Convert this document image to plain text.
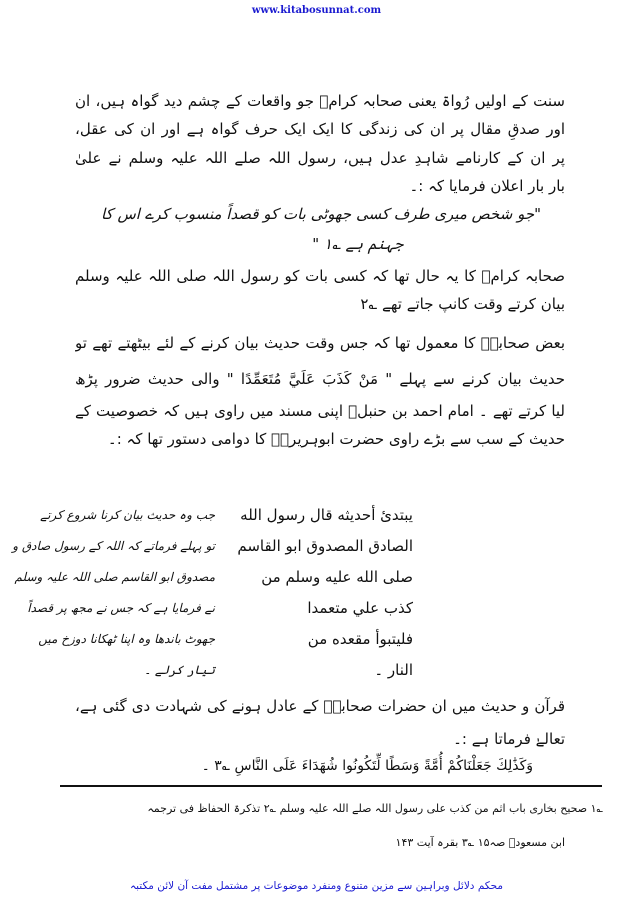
www.kitabosunnat.com
سنت کے اولیں رُواۃ یعنی صحابہ کرامؓ جو واقعات کے چشم دید گواہ ہیں، ان
اور صدقِ مقال پر ان کی زندگی کا ایک ایک حرف گواہ ہے اور ان کی عقل،
پر ان کے کارنامے شاہدِ عدل ہیں، رسول اللہ صلے اللہ علیہ وسلم نے علیٰ
بار بار اعلان فرمایا کہ :۔
"جو شخص میری طرف کسی جھوٹی بات کو قصداً منسوب کرے اس کا
جہنم ہے ؎۱ "
صحابہ کرامؓ کا یہ حال تھا کہ کسی بات کو رسول اللہ صلی اللہ علیہ وسلم
بیان کرتے وقت کانپ جاتے تھے ؎۲
بعض صحابہؓ کا معمول تھا کہ جس وقت حدیث بیان کرنے کے لئے بیٹھتے تھے تو
حدیث بیان کرنے سے پہلے " مَنْ كَذَبَ عَلَيَّ مُتَعَمِّدًا " والی حدیث ضرور پڑھ
لیا کرتے تھے ۔ امام احمد بن حنبلؒ اپنی مسند میں راوی ہیں کہ خصوصیت کے
حدیث کے سب سے بڑے راوی حضرت ابوہریرہؓ کا دوامی دستور تھا کہ :۔
يبتدئ أحديثه قال رسول الله
الصادق المصدوق ابو القاسم
صلى الله عليه وسلم من
كذب علي متعمدا
فليتبوأ مقعده من
النار ۔
جب وہ حدیث بیان کرنا شروع کرتے
تو پہلے فرماتے کہ اللہ کے رسول صادق و
مصدوق ابو القاسم صلی اللہ علیہ وسلم
نے فرمایا ہے کہ جس نے مجھ پر قصداً
جھوٹ باندھا وہ اپنا ٹھکانا دوزخ میں
تیار کرلے ۔
قرآن و حدیث میں ان حضرات صحابہؓ کے عادل ہونے کی شہادت دی گئی ہے،
تعالےٰ فرماتا ہے :۔
وَكَذَٰلِكَ جَعَلْنَاكُمْ أُمَّةً وَسَطًا لِّتَكُونُوا شُهَدَاءَ عَلَى النَّاسِ ؎۳ ۔
؎۱ صحیح بخاری باب اثم من کذب علی رسول اللہ صلے اللہ علیہ وسلم ؎۲ تذکرۃ الحفاظ فی ترجمہ
ابن مسعودؓ صہ۱۵ ؎۳ بقرہ آیت ۱۴۳
محکم دلائل وبراہین سے مزین متنوع ومنفرد موضوعات پر مشتمل مفت آن لائن مکتبہ
